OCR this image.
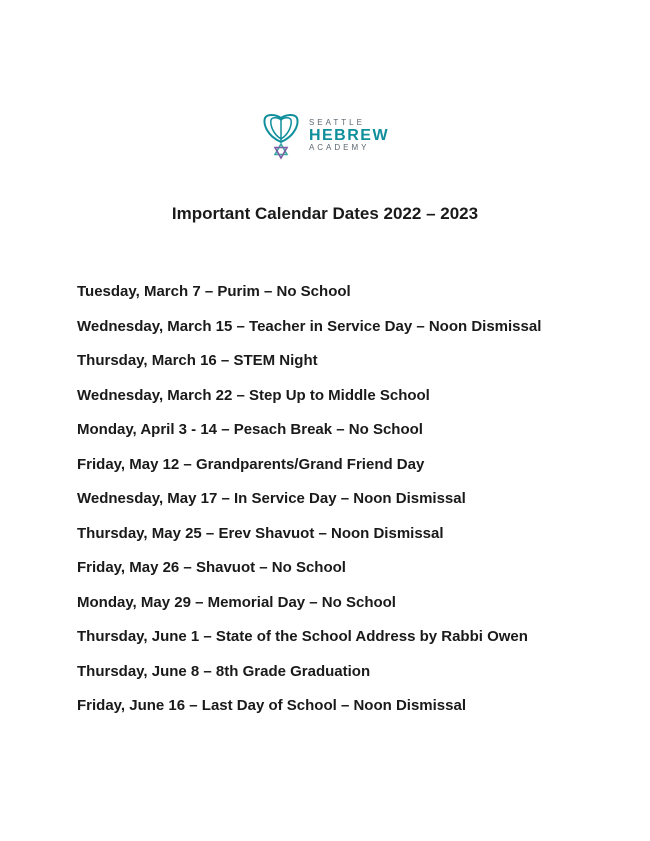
SEATTLE
HEBREW
ACADEMY
Important Calendar Dates 2022 – 2023
Tuesday, March 7 – Purim – No School
Wednesday, March 15 – Teacher in Service Day – Noon Dismissal
Thursday, March 16 – STEM Night
Wednesday, March 22 – Step Up to Middle School
Monday, April 3 - 14 – Pesach Break – No School
Friday, May 12 – Grandparents/Grand Friend Day
Wednesday, May 17 – In Service Day – Noon Dismissal
Thursday, May 25 – Erev Shavuot – Noon Dismissal
Friday, May 26 – Shavuot – No School
Monday, May 29 – Memorial Day – No School
Thursday, June 1 – State of the School Address by Rabbi Owen
Thursday, June 8 – 8th Grade Graduation
Friday, June 16 – Last Day of School – Noon Dismissal
